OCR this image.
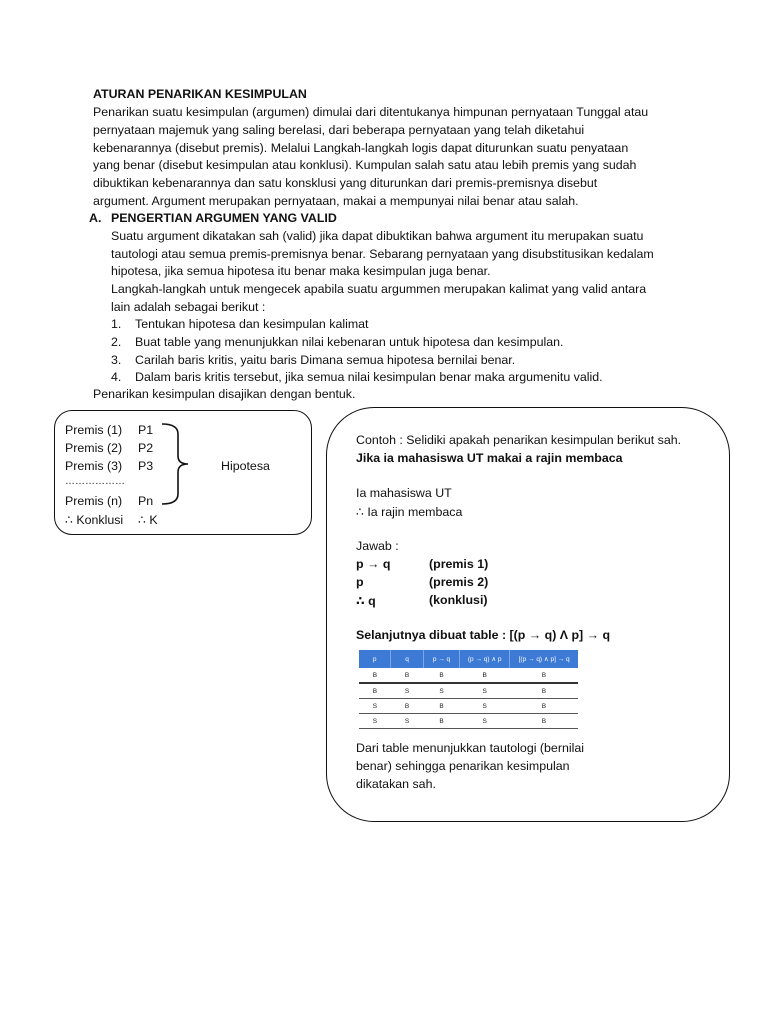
ATURAN PENARIKAN KESIMPULAN
Penarikan suatu kesimpulan (argumen) dimulai dari ditentukanya himpunan pernyataan Tunggal atau
pernyataan majemuk yang saling berelasi, dari beberapa pernyataan yang telah diketahui
kebenarannya (disebut premis). Melalui Langkah-langkah logis dapat diturunkan suatu penyataan
yang benar (disebut kesimpulan atau konklusi). Kumpulan salah satu atau lebih premis yang sudah
dibuktikan kebenarannya dan satu konsklusi yang diturunkan dari premis-premisnya disebut
argument. Argument merupakan pernyataan, makai a mempunyai nilai benar atau salah.
A. PENGERTIAN ARGUMEN YANG VALID
Suatu argument dikatakan sah (valid) jika dapat dibuktikan bahwa argument itu merupakan suatu
tautologi atau semua premis-premisnya benar. Sebarang pernyataan yang disubstitusikan kedalam
hipotesa, jika semua hipotesa itu benar maka kesimpulan juga benar.
Langkah-langkah untuk mengecek apabila suatu argummen merupakan kalimat yang valid antara
lain adalah sebagai berikut :
1. Tentukan hipotesa dan kesimpulan kalimat
2. Buat table yang menunjukkan nilai kebenaran untuk hipotesa dan kesimpulan.
3. Carilah baris kritis, yaitu baris Dimana semua hipotesa bernilai benar.
4. Dalam baris kritis tersebut, jika semua nilai kesimpulan benar maka argumenitu valid.
Penarikan kesimpulan disajikan dengan bentuk.
Premis (1) P1
Premis (2) P2
Premis (3) P3
………………
Premis (n) Pn
∴ Konklusi ∴ K
Hipotesa
Contoh : Selidiki apakah penarikan kesimpulan berikut sah.
Jika ia mahasiswa UT makai a rajin membaca
Ia mahasiswa UT
∴ Ia rajin membaca
Jawab :
p → q	(premis 1)
p	(premis 2)
∴ q	(konklusi)
Selanjutnya dibuat table : [(p → q) Λ p] → q
p	q	p → q	(p → q) ∧ p	[(p → q) ∧ p] → q
B	B	B	B	B
B	S	S	S	B
S	B	B	S	B
S	S	B	S	B
Dari table menunjukkan tautologi (bernilai
benar) sehingga penarikan kesimpulan
dikatakan sah.
